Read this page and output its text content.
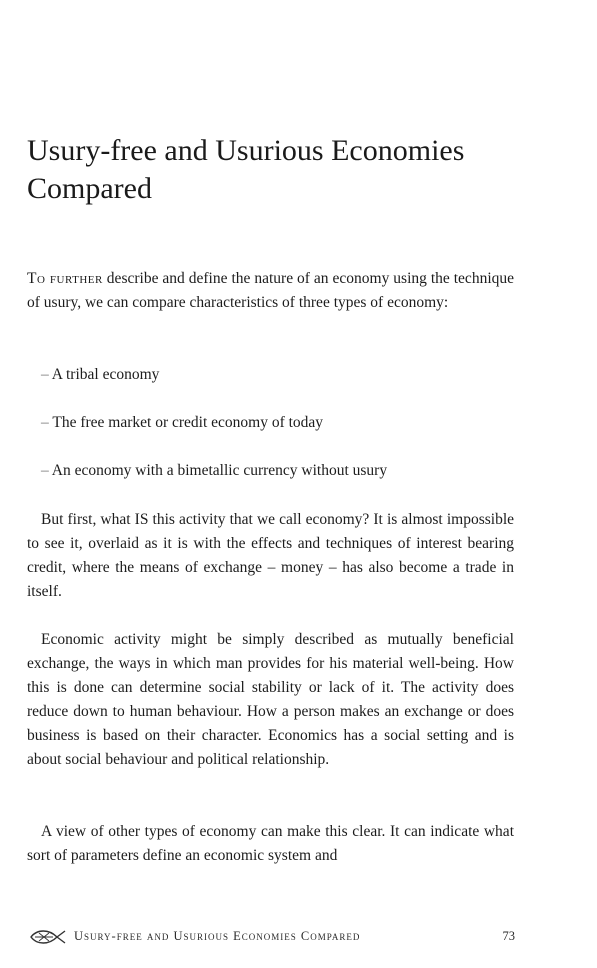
Usury-free and Usurious Economies Compared

To further describe and define the nature of an economy using the technique of usury, we can compare characteristics of three types of economy:

– A tribal economy
– The free market or credit economy of today
– An economy with a bimetallic currency without usury

But first, what IS this activity that we call economy? It is almost impossible to see it, overlaid as it is with the effects and techniques of interest bearing credit, where the means of exchange – money – has also become a trade in itself.

Economic activity might be simply described as mutually beneficial exchange, the ways in which man provides for his material well-being. How this is done can determine social stability or lack of it. The activity does reduce down to human behaviour. How a person makes an exchange or does business is based on their character. Economics has a social setting and is about social behaviour and political relationship.

A view of other types of economy can make this clear. It can indicate what sort of parameters define an economic system and

Usury-free and Usurious Economies Compared	73
